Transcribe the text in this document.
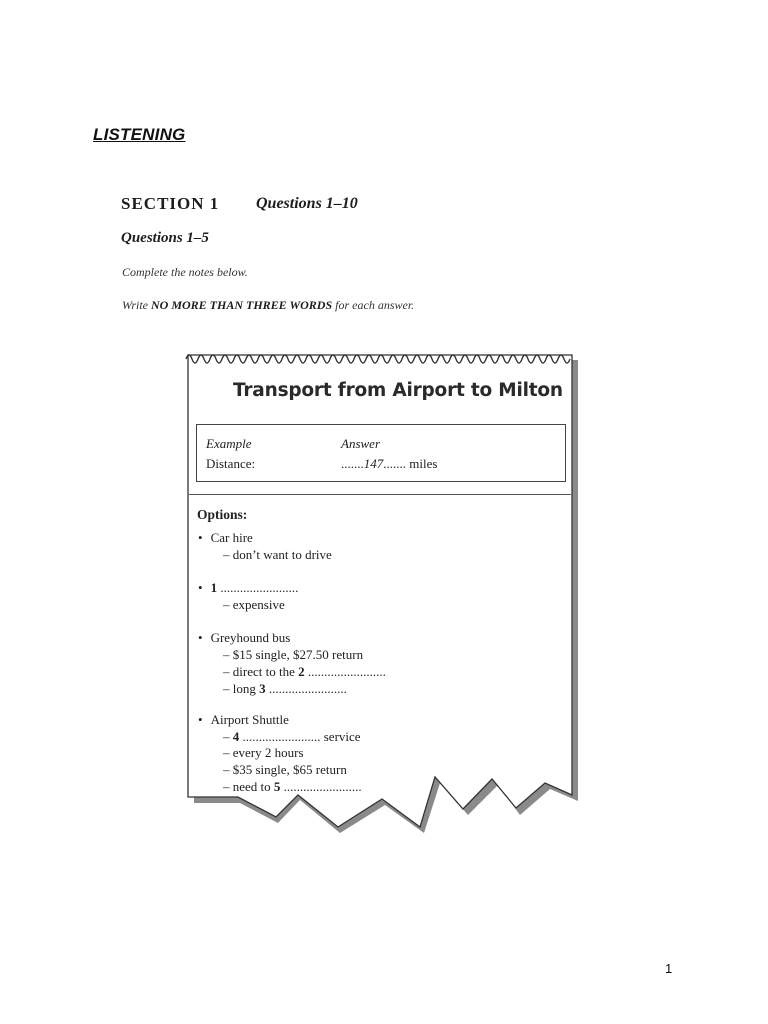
LISTENING
SECTION 1 Questions 1–10
Questions 1–5
Complete the notes below.
Write NO MORE THAN THREE WORDS for each answer.
Transport from Airport to Milton
Example	Answer
Distance:	.......147....... miles
Options:
• Car hire
– don’t want to drive
• 1 ........................
– expensive
• Greyhound bus
– $15 single, $27.50 return
– direct to the 2 ........................
– long 3 ........................
• Airport Shuttle
– 4 ........................ service
– every 2 hours
– $35 single, $65 return
– need to 5 ........................
1
